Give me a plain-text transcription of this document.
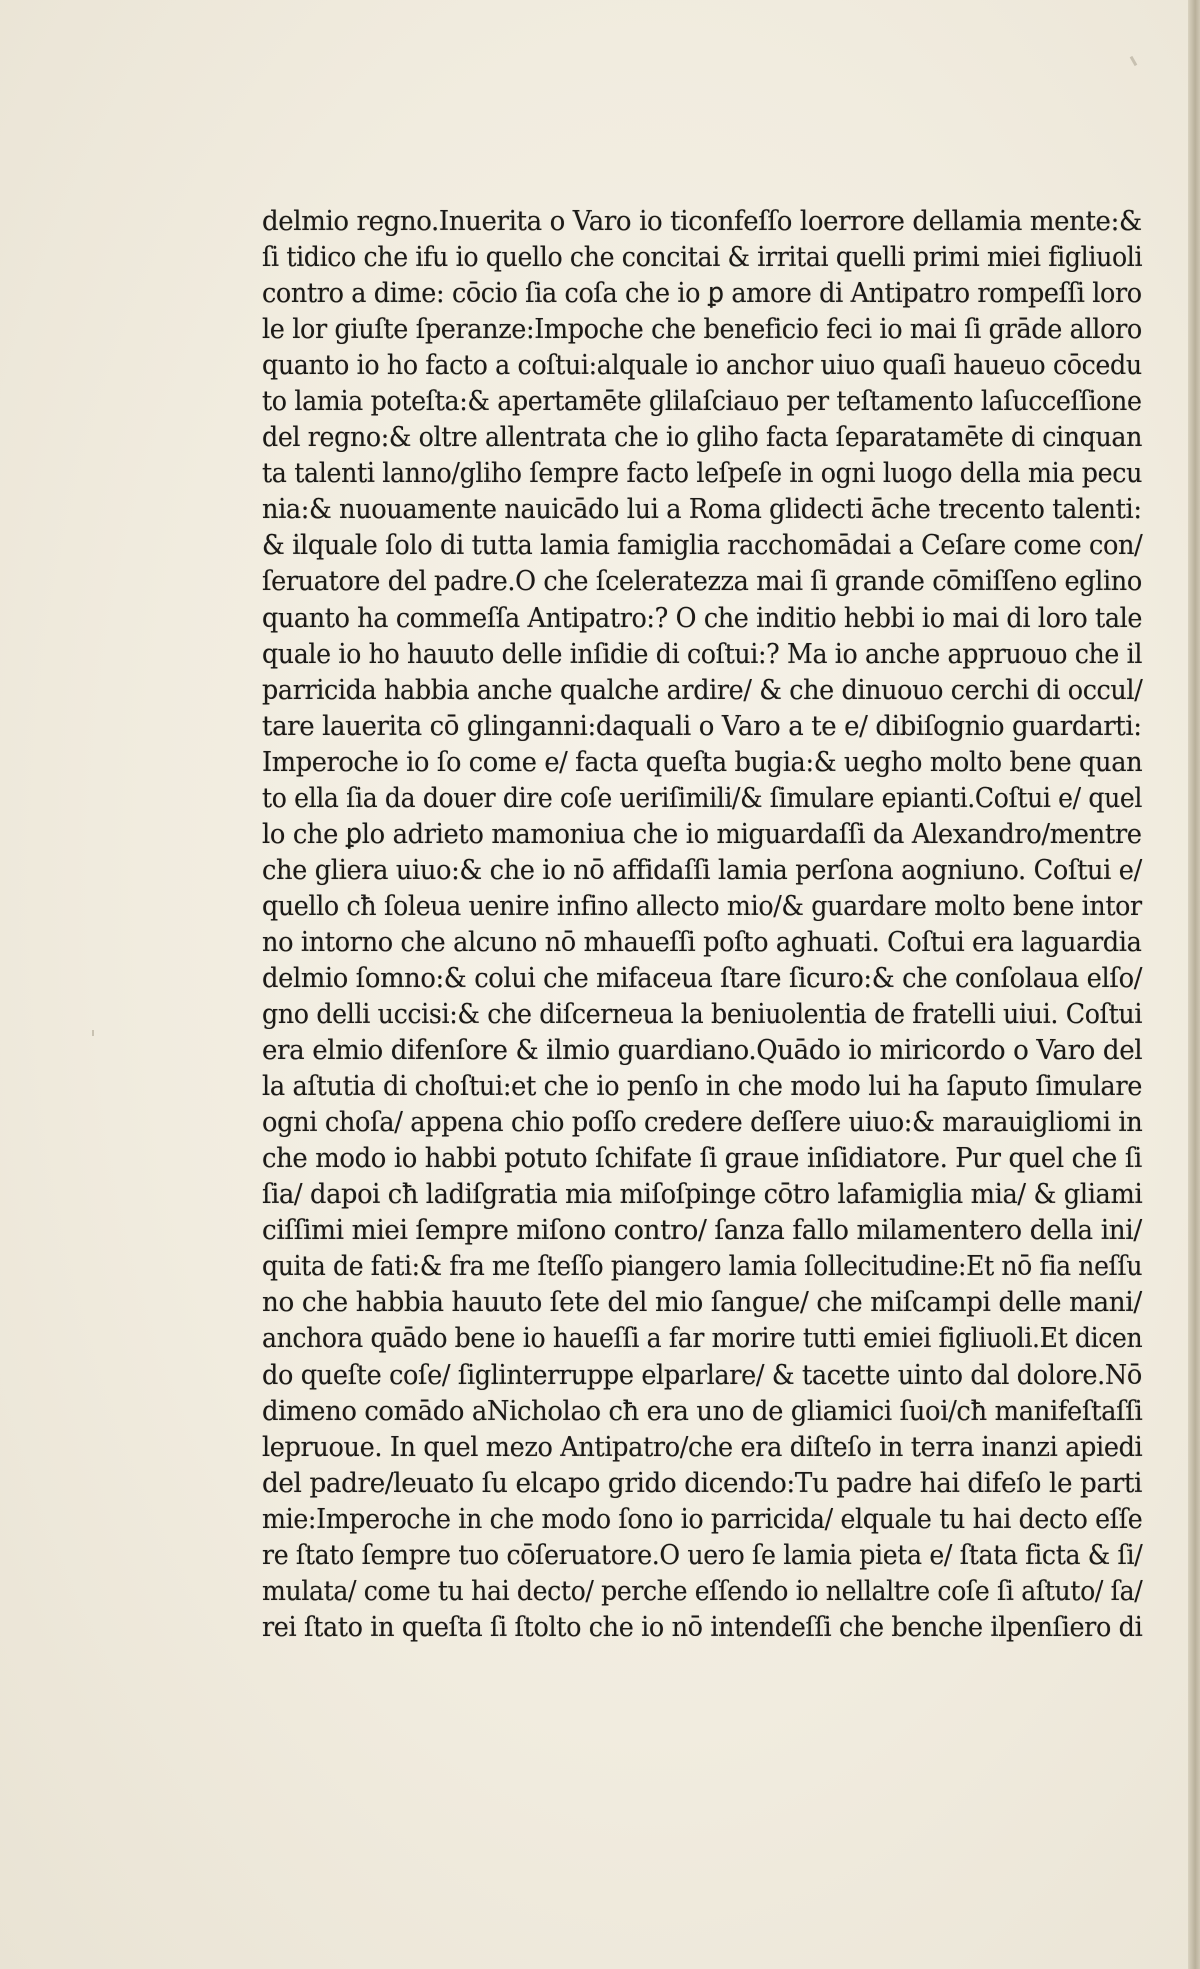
delmio regno.Inuerita o Varo io ticonfeſſo loerrore dellamia mente:&
ſi tidico che ifu io quello che concitai & irritai quelli primi miei figliuoli
contro a dime: cōcio ſia coſa che io ꝑ amore di Antipatro rompeſſi loro
le lor giuſte ſperanze:Impoche che beneficio feci io mai ſi grāde alloro
quanto io ho facto a coſtui:alquale io anchor uiuo quaſi haueuo cōcedu
to lamia poteſta:& apertamēte glilaſciauo per teſtamento laſucceſſione
del regno:& oltre allentrata che io gliho facta ſeparatamēte di cinquan
ta talenti lanno/gliho ſempre facto leſpeſe in ogni luogo della mia pecu
nia:& nuouamente nauicādo lui a Roma glidecti āche trecento talenti:
& ilquale ſolo di tutta lamia famiglia racchomādai a Ceſare come con/
ſeruatore del padre.O che ſceleratezza mai ſi grande cōmiſſeno eglino
quanto ha commeſſa Antipatro:? O che inditio hebbi io mai di loro tale
quale io ho hauuto delle inſidie di coſtui:? Ma io anche appruouo che il
parricida habbia anche qualche ardire/ & che dinuouo cerchi di occul/
tare lauerita cō glinganni:daquali o Varo a te e/ dibiſognio guardarti:
Imperoche io ſo come e/ facta queſta bugia:& uegho molto bene quan
to ella ſia da douer dire coſe ueriſimili/& ſimulare epianti.Coſtui e/ quel
lo che ꝑlo adrieto mamoniua che io miguardaſſi da Alexandro/mentre
che gliera uiuo:& che io nō affidaſſi lamia perſona aogniuno. Coſtui e/
quello cħ ſoleua uenire infino allecto mio/& guardare molto bene intor
no intorno che alcuno nō mhaueſſi poſto aghuati. Coſtui era laguardia
delmio ſomno:& colui che mifaceua ſtare ſicuro:& che conſolaua elſo/
gno delli uccisi:& che diſcerneua la beniuolentia de fratelli uiui. Coſtui
era elmio difenſore & ilmio guardiano.Quādo io miricordo o Varo del
la aſtutia di choſtui:et che io penſo in che modo lui ha ſaputo ſimulare
ogni choſa/ appena chio poſſo credere deſſere uiuo:& marauigliomi in
che modo io habbi potuto ſchifate ſi graue inſidiatore. Pur quel che ſi
ſia/ dapoi cħ ladiſgratia mia miſoſpinge cōtro lafamiglia mia/ & gliami
ciſſimi miei ſempre miſono contro/ ſanza fallo milamentero della ini/
quita de fati:& fra me ſteſſo piangero lamia ſollecitudine:Et nō fia neſſu
no che habbia hauuto ſete del mio ſangue/ che miſcampi delle mani/
anchora quādo bene io haueſſi a far morire tutti emiei figliuoli.Et dicen
do queſte coſe/ ſiglinterruppe elparlare/ & tacette uinto dal dolore.Nō
dimeno comādo aNicholao cħ era uno de gliamici ſuoi/cħ manifeſtaſſi
lepruoue. In quel mezo Antipatro/che era diſteſo in terra inanzi apiedi
del padre/leuato ſu elcapo grido dicendo:Tu padre hai difeſo le parti
mie:Imperoche in che modo ſono io parricida/ elquale tu hai decto eſſe
re ſtato ſempre tuo cōſeruatore.O uero ſe lamia pieta e/ ſtata ficta & ſi/
mulata/ come tu hai decto/ perche eſſendo io nellaltre coſe ſi aſtuto/ ſa/
rei ſtato in queſta ſi ſtolto che io nō intendeſſi che benche ilpenſiero di
